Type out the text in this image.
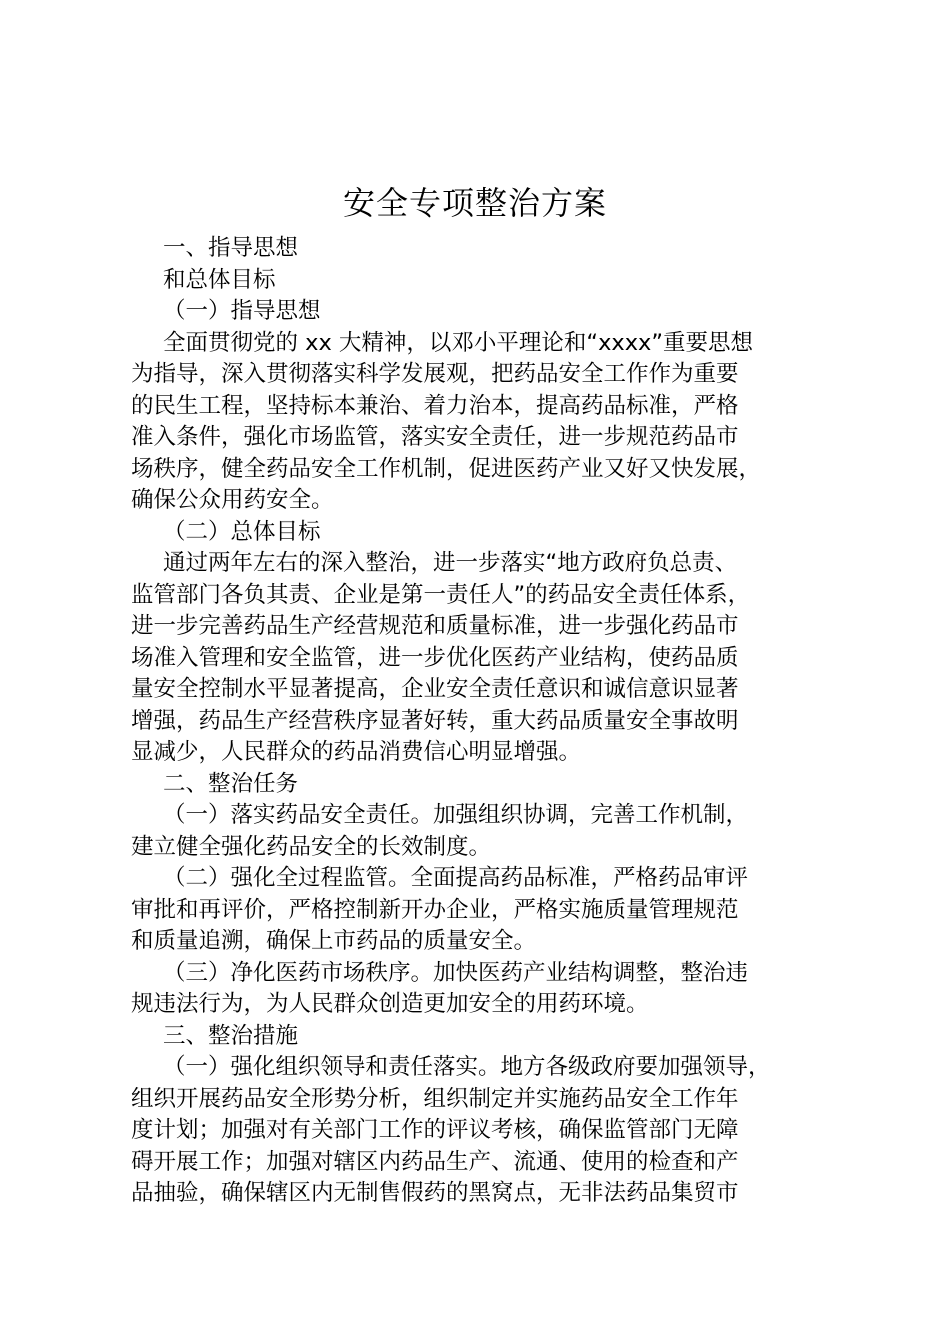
安全专项整治方案
一、指导思想
和总体目标
（一）指导思想
全面贯彻党的 xx 大精神，以邓小平理论和“xxxx”重要思想
为指导，深入贯彻落实科学发展观，把药品安全工作作为重要
的民生工程，坚持标本兼治、着力治本，提高药品标准，严格
准入条件，强化市场监管，落实安全责任，进一步规范药品市
场秩序，健全药品安全工作机制，促进医药产业又好又快发展，
确保公众用药安全。
（二）总体目标
通过两年左右的深入整治，进一步落实“地方政府负总责、
监管部门各负其责、企业是第一责任人”的药品安全责任体系，
进一步完善药品生产经营规范和质量标准，进一步强化药品市
场准入管理和安全监管，进一步优化医药产业结构，使药品质
量安全控制水平显著提高，企业安全责任意识和诚信意识显著
增强，药品生产经营秩序显著好转，重大药品质量安全事故明
显减少，人民群众的药品消费信心明显增强。
二、整治任务
（一）落实药品安全责任。加强组织协调，完善工作机制，
建立健全强化药品安全的长效制度。
（二）强化全过程监管。全面提高药品标准，严格药品审评
审批和再评价，严格控制新开办企业，严格实施质量管理规范
和质量追溯，确保上市药品的质量安全。
（三）净化医药市场秩序。加快医药产业结构调整，整治违
规违法行为，为人民群众创造更加安全的用药环境。
三、整治措施
（一）强化组织领导和责任落实。地方各级政府要加强领导，
组织开展药品安全形势分析，组织制定并实施药品安全工作年
度计划；加强对有关部门工作的评议考核，确保监管部门无障
碍开展工作；加强对辖区内药品生产、流通、使用的检查和产
品抽验，确保辖区内无制售假药的黑窝点，无非法药品集贸市
